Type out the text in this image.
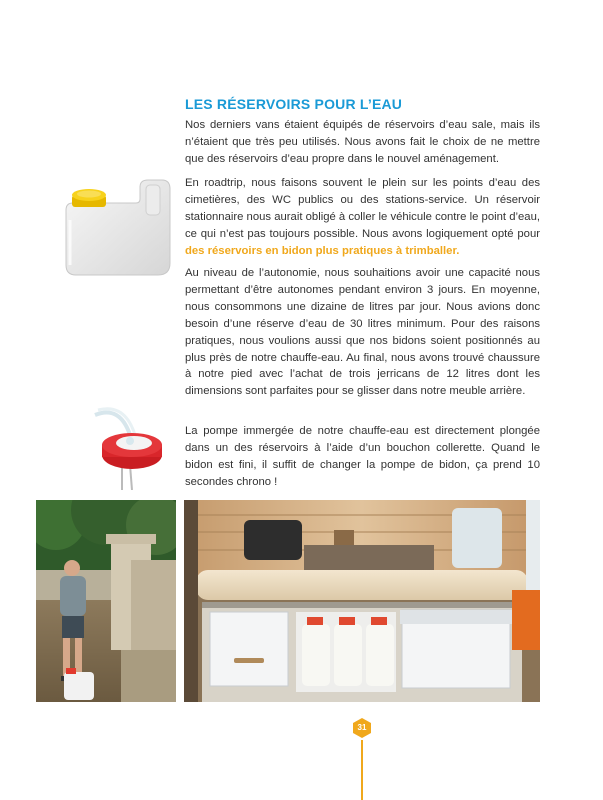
LES RÉSERVOIRS POUR L’EAU

Nos derniers vans étaient équipés de réservoirs d’eau sale, mais ils n’étaient que très peu utilisés. Nous avons fait le choix de ne mettre que des réservoirs d’eau propre dans le nouvel aménagement.

En roadtrip, nous faisons souvent le plein sur les points d’eau des cimetières, des WC publics ou des stations-service. Un réservoir stationnaire nous aurait obligé à coller le véhicule contre le point d’eau, ce qui n’est pas toujours possible. Nous avons logiquement opté pour des réservoirs en bidon plus pratiques à trimballer.

Au niveau de l’autonomie, nous souhaitions avoir une capacité nous permettant d’être autonomes pendant environ 3 jours. En moyenne, nous consommons une dizaine de litres par jour. Nous avions donc besoin d’une réserve d’eau de 30 litres minimum. Pour des raisons pratiques, nous voulions aussi que nos bidons soient positionnés au plus près de notre chauffe-eau. Au final, nous avons trouvé chaussure à notre pied avec l’achat de trois jerricans de 12 litres dont les dimensions sont parfaites pour se glisser dans notre meuble arrière.

La pompe immergée de notre chauffe-eau est directement plongée dans un des réservoirs à l’aide d’un bouchon collerette. Quand le bidon est fini, il suffit de changer la pompe de bidon, ça prend 10 secondes chrono !

31
